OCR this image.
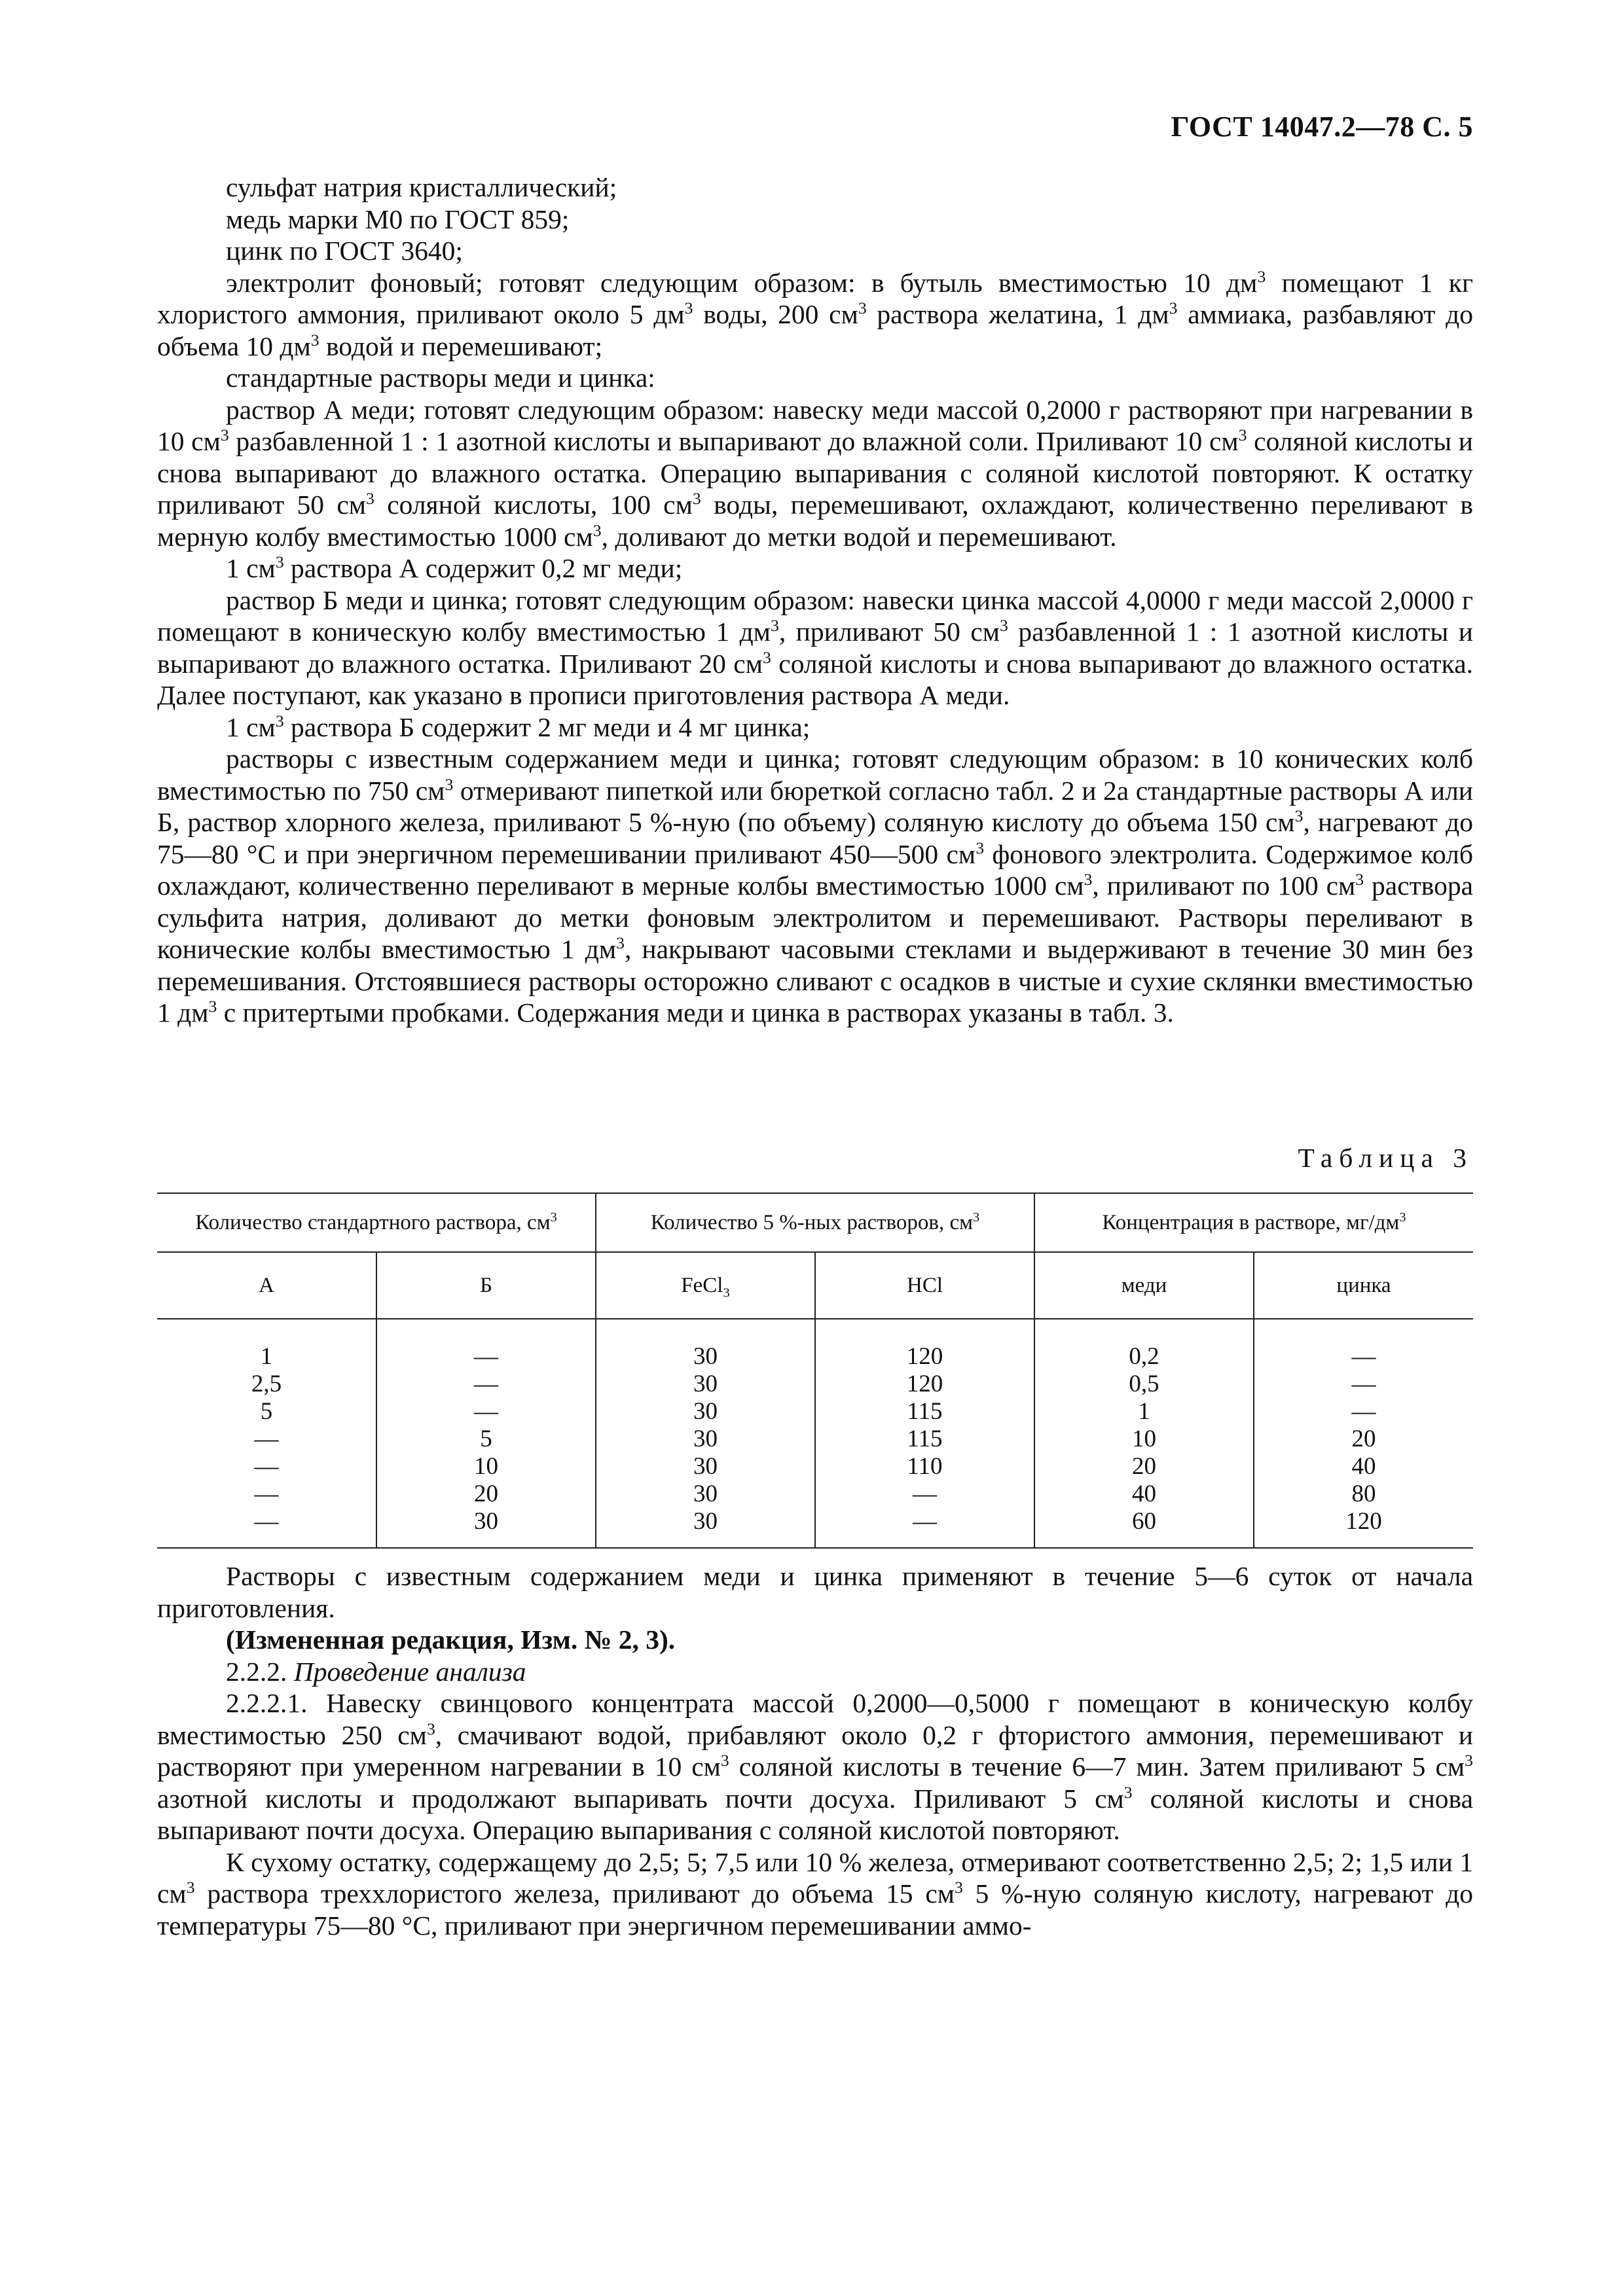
ГОСТ 14047.2—78 С. 5

сульфат натрия кристаллический;

медь марки М0 по ГОСТ 859;

цинк по ГОСТ 3640;

электролит фоновый; готовят следующим образом: в бутыль вместимостью 10 $дм^3$ помещают 1 кг хлористого аммония, приливают около 5 $дм^3$ воды, 200 $см^3$ раствора желатина, 1 $дм^3$ аммиака, разбавляют до объема 10 $дм^3$ водой и перемешивают;

стандартные растворы меди и цинка:

раствор А меди; готовят следующим образом: навеску меди массой 0,2000 г растворяют при нагревании в 10 $см^3$ разбавленной 1 : 1 азотной кислоты и выпаривают до влажной соли. Приливают 10 $см^3$ соляной кислоты и снова выпаривают до влажного остатка. Операцию выпаривания с соляной кислотой повторяют. К остатку приливают 50 $см^3$ соляной кислоты, 100 $см^3$ воды, перемешивают, охлаждают, количественно переливают в мерную колбу вместимостью 1000 $см^3$, доливают до метки водой и перемешивают.

1 $см^3$ раствора А содержит 0,2 мг меди;

раствор Б меди и цинка; готовят следующим образом: навески цинка массой 4,0000 г меди массой 2,0000 г помещают в коническую колбу вместимостью 1 $дм^3$, приливают 50 $см^3$ разбавленной 1 : 1 азотной кислоты и выпаривают до влажного остатка. Приливают 20 $см^3$ соляной кислоты и снова выпаривают до влажного остатка. Далее поступают, как указано в прописи приготовления раствора А меди.

1 $см^3$ раствора Б содержит 2 мг меди и 4 мг цинка;

растворы с известным содержанием меди и цинка; готовят следующим образом: в 10 конических колб вместимостью по 750 $см^3$ отмеривают пипеткой или бюреткой согласно табл. 2 и 2а стандартные растворы А или Б, раствор хлорного железа, приливают 5 %-ную (по объему) соляную кислоту до объема 150 $см^3$, нагревают до 75—80 °С и при энергичном перемешивании приливают 450—500 $см^3$ фонового электролита. Содержимое колб охлаждают, количественно переливают в мерные колбы вместимостью 1000 $см^3$, приливают по 100 $см^3$ раствора сульфита натрия, доливают до метки фоновым электролитом и перемешивают. Растворы переливают в конические колбы вместимостью 1 $дм^3$, накрывают часовыми стеклами и выдерживают в течение 30 мин без перемешивания. Отстоявшиеся растворы осторожно сливают с осадков в чистые и сухие склянки вместимостью 1 $дм^3$ с притертыми пробками. Содержания меди и цинка в растворах указаны в табл. 3.

Таблица 3
Количество стандартного раствора, $см^3$		Количество 5 %-ных растворов, $см^3$		Концентрация в растворе, $мг/дм^3$
А	Б	FeCl$_3$	HCl	меди	цинка

1	—	30	120	0,2	—
2,5	—	30	120	0,5	—
5	—	30	115	1	—
—	5	30	115	10	20
—	10	30	110	20	40
—	20	30	—	40	80
—	30	30	—	60	120

Растворы с известным содержанием меди и цинка применяют в течение 5—6 суток от начала приготовления.

(Измененная редакция, Изм. № 2, 3).

2.2.2. Проведение анализа

2.2.2.1. Навеску свинцового концентрата массой 0,2000—0,5000 г помещают в коническую колбу вместимостью 250 $см^3$, смачивают водой, прибавляют около 0,2 г фтористого аммония, перемешивают и растворяют при умеренном нагревании в 10 $см^3$ соляной кислоты в течение 6—7 мин. Затем приливают 5 $см^3$ азотной кислоты и продолжают выпаривать почти досуха. Приливают 5 $см^3$ соляной кислоты и снова выпаривают почти досуха. Операцию выпаривания с соляной кислотой повторяют.

К сухому остатку, содержащему до 2,5; 5; 7,5 или 10 % железа, отмеривают соответственно 2,5; 2; 1,5 или 1 $см^3$ раствора треххлористого железа, приливают до объема 15 $см^3$ 5 %-ную соляную кислоту, нагревают до температуры 75—80 °С, приливают при энергичном перемешивании аммо-
